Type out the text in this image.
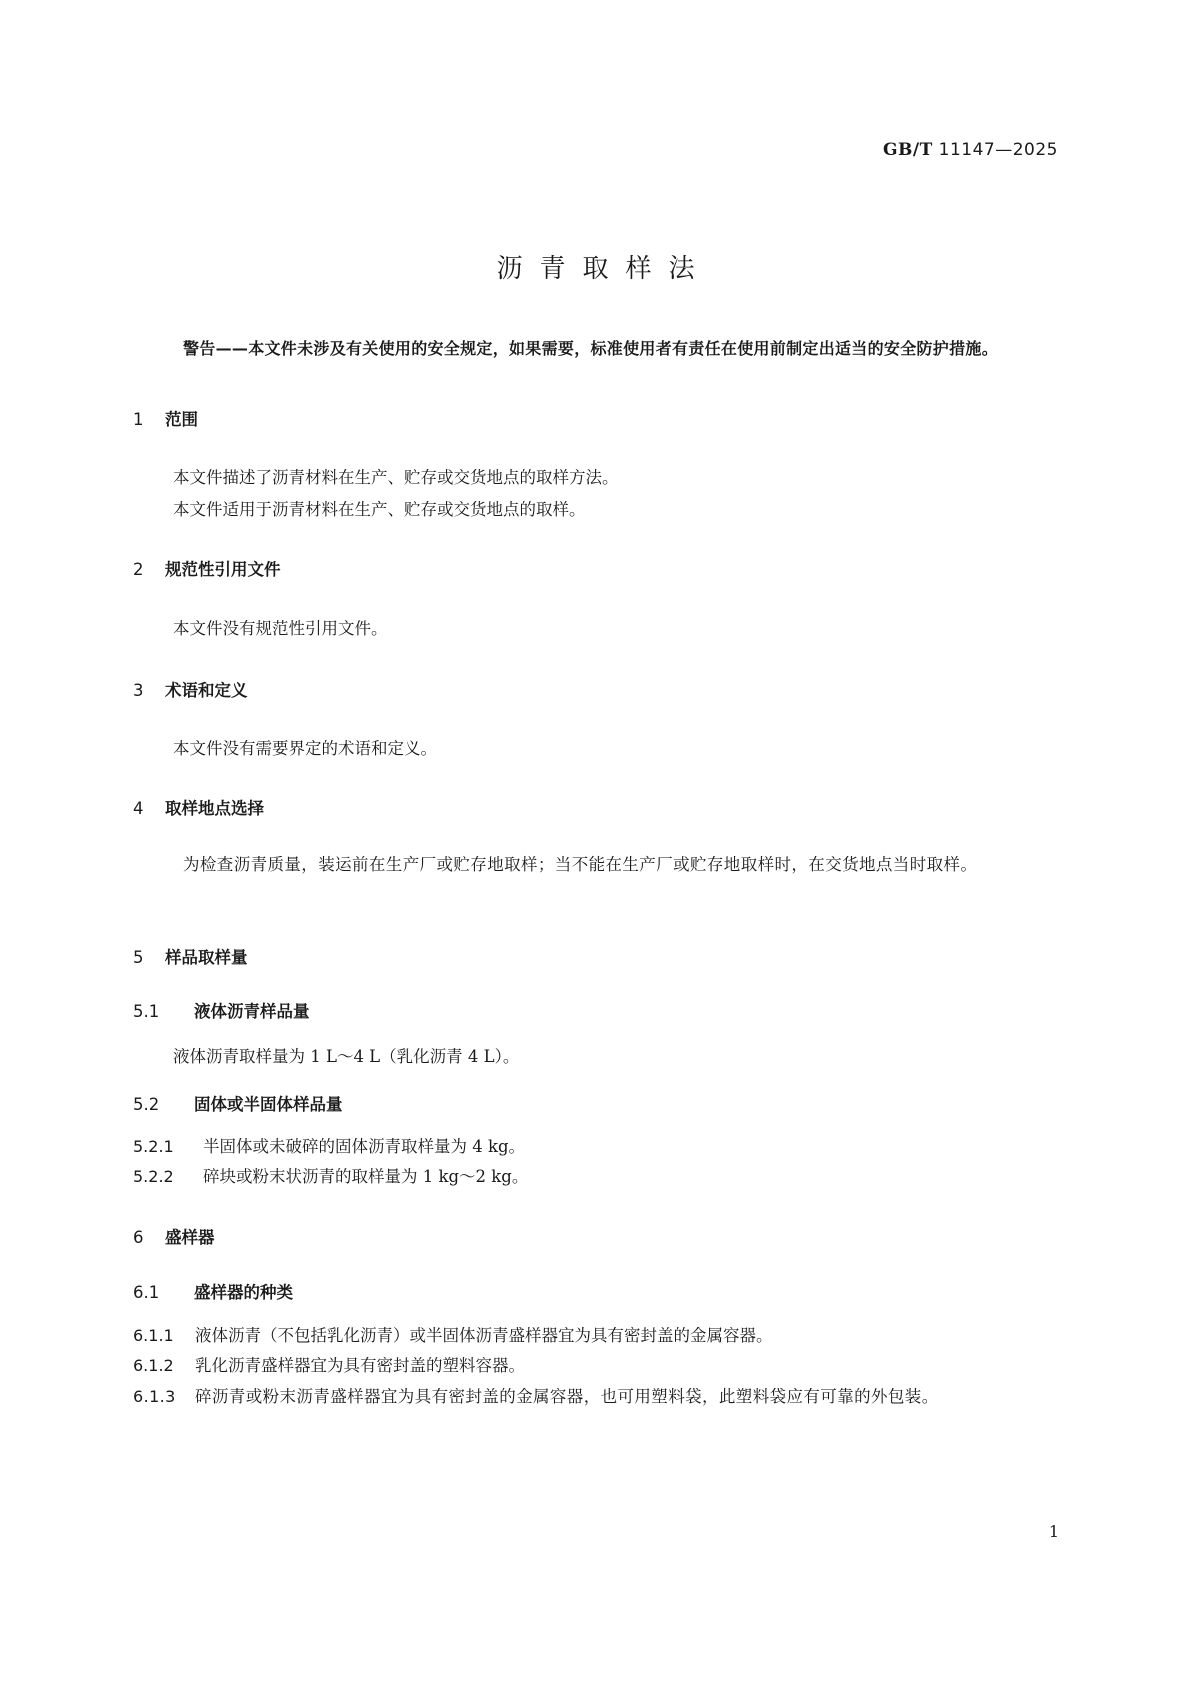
GB/T 11147—2025
沥青取样法
警告——本文件未涉及有关使用的安全规定，如果需要，标准使用者有责任在使用前制定出适当的安全防护措施。
1 范围
本文件描述了沥青材料在生产、贮存或交货地点的取样方法。
本文件适用于沥青材料在生产、贮存或交货地点的取样。
2 规范性引用文件
本文件没有规范性引用文件。
3 术语和定义
本文件没有需要界定的术语和定义。
4 取样地点选择
为检查沥青质量，装运前在生产厂或贮存地取样；当不能在生产厂或贮存地取样时，在交货地点当时取样。
5 样品取样量
5.1 液体沥青样品量
液体沥青取样量为 1 L～4 L（乳化沥青 4 L）。
5.2 固体或半固体样品量
5.2.1 半固体或未破碎的固体沥青取样量为 4 kg。
5.2.2 碎块或粉末状沥青的取样量为 1 kg～2 kg。
6 盛样器
6.1 盛样器的种类
6.1.1 液体沥青（不包括乳化沥青）或半固体沥青盛样器宜为具有密封盖的金属容器。
6.1.2 乳化沥青盛样器宜为具有密封盖的塑料容器。
6.1.3 碎沥青或粉末沥青盛样器宜为具有密封盖的金属容器，也可用塑料袋，此塑料袋应有可靠的外包装。
1
